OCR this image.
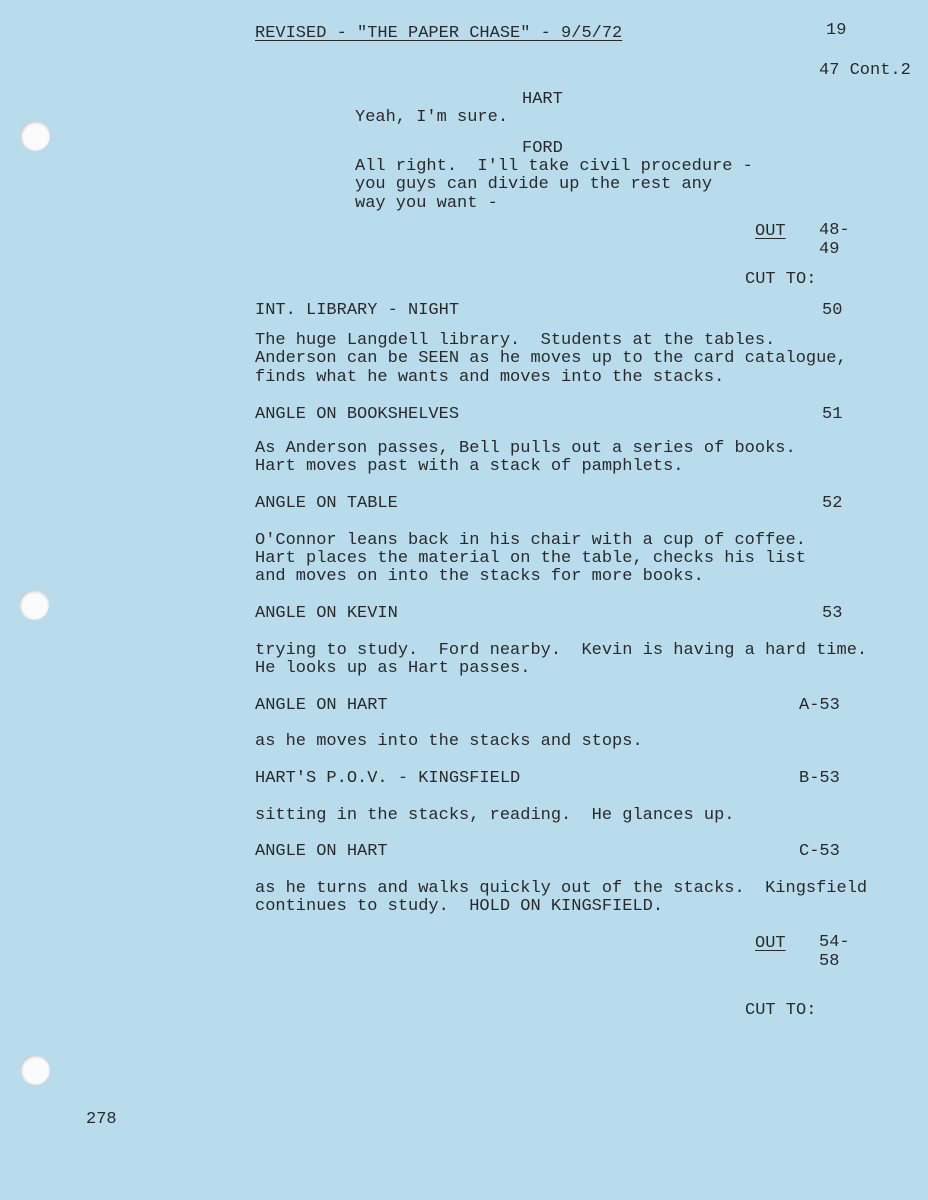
REVISED - "THE PAPER CHASE" - 9/5/72	19
47 Cont.2
HART
Yeah, I'm sure.
FORD
All right.  I'll take civil procedure -
you guys can divide up the rest any
way you want -
OUT 48-
49
CUT TO:
INT. LIBRARY - NIGHT	50
The huge Langdell library.  Students at the tables.
Anderson can be SEEN as he moves up to the card catalogue,
finds what he wants and moves into the stacks.
ANGLE ON BOOKSHELVES	51
As Anderson passes, Bell pulls out a series of books.
Hart moves past with a stack of pamphlets.
ANGLE ON TABLE	52
O'Connor leans back in his chair with a cup of coffee.
Hart places the material on the table, checks his list
and moves on into the stacks for more books.
ANGLE ON KEVIN	53
trying to study.  Ford nearby.  Kevin is having a hard time.
He looks up as Hart passes.
ANGLE ON HART	A-53
as he moves into the stacks and stops.
HART'S P.O.V. - KINGSFIELD	B-53
sitting in the stacks, reading.  He glances up.
ANGLE ON HART	C-53
as he turns and walks quickly out of the stacks.  Kingsfield
continues to study.  HOLD ON KINGSFIELD.
OUT 54-
58
CUT TO:
278
